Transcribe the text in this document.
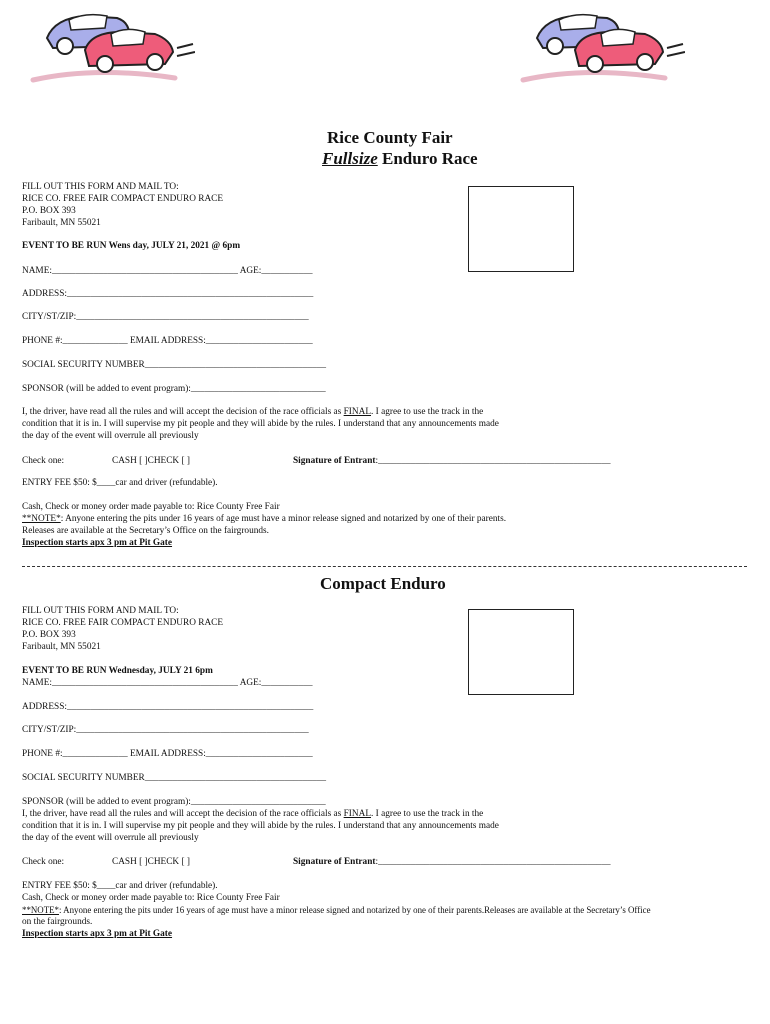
Rice County Fair
Fullsize Enduro Race
FILL OUT THIS FORM AND MAIL TO:
RICE CO. FREE FAIR COMPACT ENDURO RACE
P.O. BOX 393
Faribault, MN 55021
EVENT TO BE RUN Wens day, JULY 21, 2021 @ 6pm
NAME:________________________________________ AGE:___________
ADDRESS:_____________________________________________________
CITY/ST/ZIP:__________________________________________________
PHONE #:______________ EMAIL ADDRESS:_______________________
SOCIAL SECURITY NUMBER_______________________________________
SPONSOR (will be added to event program):_____________________________
I, the driver, have read all the rules and will accept the decision of the race officials as FINAL. I agree to use the track in the
condition that it is in. I will supervise my pit people and they will abide by the rules. I understand that any announcements made
the day of the event will overrule all previously
Check one:	CASH [ ]CHECK [ ]	Signature of Entrant:__________________________________________________
ENTRY FEE $50: $____car and driver (refundable).
Cash, Check or money order made payable to: Rice County Free Fair
**NOTE*: Anyone entering the pits under 16 years of age must have a minor release signed and notarized by one of their parents.
Releases are available at the Secretary’s Office on the fairgrounds.
Inspection starts apx 3 pm at Pit Gate
Compact Enduro
FILL OUT THIS FORM AND MAIL TO:
RICE CO. FREE FAIR COMPACT ENDURO RACE
P.O. BOX 393
Faribault, MN 55021
EVENT TO BE RUN Wednesday, JULY 21 6pm
NAME:________________________________________ AGE:___________
ADDRESS:_____________________________________________________
CITY/ST/ZIP:__________________________________________________
PHONE #:______________ EMAIL ADDRESS:_______________________
SOCIAL SECURITY NUMBER_______________________________________
SPONSOR (will be added to event program):_____________________________
I, the driver, have read all the rules and will accept the decision of the race officials as FINAL. I agree to use the track in the
condition that it is in. I will supervise my pit people and they will abide by the rules. I understand that any announcements made
the day of the event will overrule all previously
Check one:	CASH [ ]CHECK [ ]	Signature of Entrant:__________________________________________________
ENTRY FEE $50: $____car and driver (refundable).
Cash, Check or money order made payable to: Rice County Free Fair
**NOTE*: Anyone entering the pits under 16 years of age must have a minor release signed and notarized by one of their parents.Releases are available at the Secretary’s Office
on the fairgrounds.
Inspection starts apx 3 pm at Pit Gate
